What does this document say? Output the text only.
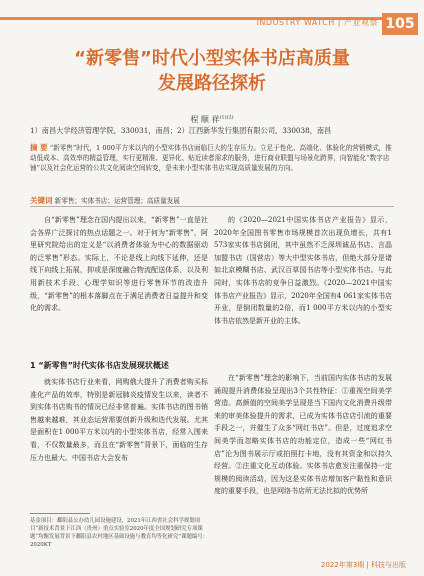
INDUSTRY WATCH | 产业观察 105
“新零售”时代小型实体书店高质量
发展路径探析
程 顺 祥$^{(1)(2)}$
1）南昌大学经济管理学院，330031，南昌；2）江西新华发行集团有限公司，330038，南昌
摘 要 “新零售”时代，1 000平方米以内的小型实体书店面临巨大的生存压力。立足于性化、高端化、体验化的营销模式，推动低成本、高效率的精益管理，实行更精准、更异化、贴近读者需求的服务，进行商业联盟与场景化跨界，向智能化“数字店铺”以及社会化运营的公共文化阅读空间转变，是未来小型实体书店实现高质量发展的方向。
关键词 新零售；实体书店；运营管理；高质量发展

自“新零售”理念在国内提出以来，“新零售”一直是社会各界广泛探讨的热点话题之一。对于何为“新零售”，阿里研究院给出的定义是“以消费者体验为中心的数据驱动的泛零售”形态。实际上，不论是线上向线下延伸，还是线下向线上拓展，抑或是深度融合物流配送体系，以及利用新技术手段、心理学知识等进行零售环节的改造升级，“新零售”的根本落脚点在于满足消费者日益提升和变化的需求。

1 “新零售”时代实体书店发展现状概述

就实体书店行业来看，网购俄大提升了消费者购买标准化产品的效率，特别是新冠肺炎疫情发生以来，读者不到实体书店购书的情况已经非常普遍。实体书店的图书销售越来越难，其业态运营需要创新升级和迭代发展。尤其是面积在1 000平方米以内的小型实体书店，经常入围来看，不仅数量最多，而且在“新零售”背景下，面临的生存压力也最大。中国书店大会发布

的《2020—2021中国实体书店产业报告》显示，2020年全国图书零售市场规模首次出现负增长，共有1 573家实体书店倒闭，其中虽然不乏深圳诚品书店、言晶加盟书店（国营店）等大中型实体书店，但绝大部分是诸如北京模糊书店、武汉百草园书店等小型实体书店。与此同时，实体书店的竞争日益激烈。《2020—2021中国实体书店产业报告》显示，2020年全国有4 061家实体书店开业，是倒闭数量的2倍，而1 000平方米以内的小型实体书店依然是新开业的主体。

在“新零售”理念的影响下，当前国内实体书店的发展涌现提升消费体验呈现出3个共性特征：①重视空间美学营造。高颜值的空间美学呈现是当下国内文化消费升级带来的审美体验提升的需求，已成为实体书店店引流的重要手段之一，并催生了众多“网红书店”。但是，过度追求空间美学而忽略实体书店的功能定位，造成一些“网红书店”沦为图书展示厅或拍照打卡地，没有其资金和以持久经营。②注重文化互动体验。实体书店愈发注重保持一定规模的阅读活动，因为这是实体书店增加客户黏性和意识度的重要手段，也是网络书店所无法比拟的优势所

基金项目：鄱阳县公办幼儿园设施建设，2021年江西省社会科学规划项目“新技术背景下江西（贵州）重点实验室2020年度全国规划研究专项课题“均衡发展背景下鄱阳县农村地区基础设施与教育均等化研究”课题编号：2020KT
2022年第3期 | 科技与出版
